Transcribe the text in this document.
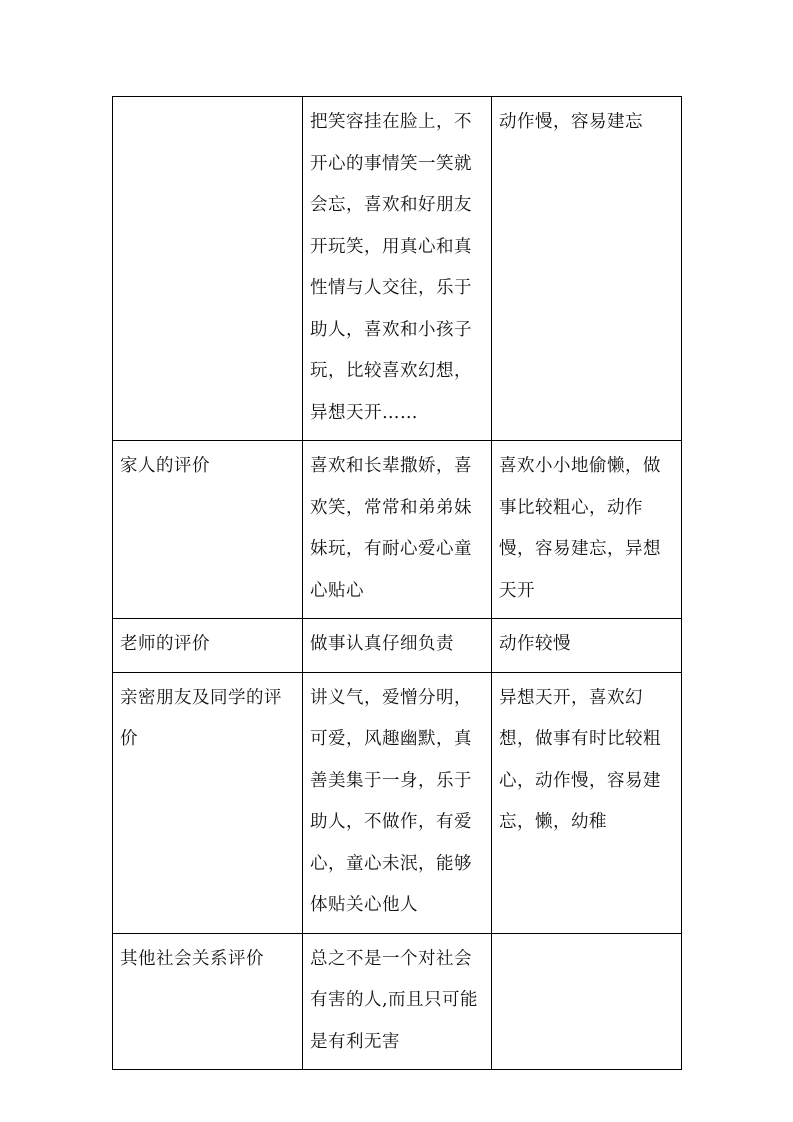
	把笑容挂在脸上，不开心的事情笑一笑就会忘，喜欢和好朋友开玩笑，用真心和真性情与人交往，乐于助人，喜欢和小孩子玩，比较喜欢幻想，异想天开……	动作慢，容易建忘
家人的评价	喜欢和长辈撒娇，喜欢笑，常常和弟弟妹妹玩，有耐心爱心童心贴心	喜欢小小地偷懒，做事比较粗心，动作慢，容易建忘，异想天开
老师的评价	做事认真仔细负责	动作较慢
亲密朋友及同学的评价	讲义气，爱憎分明，可爱，风趣幽默，真善美集于一身，乐于助人，不做作，有爱心，童心未泯，能够体贴关心他人	异想天开，喜欢幻想，做事有时比较粗心，动作慢，容易建忘，懒，幼稚
其他社会关系评价	总之不是一个对社会有害的人,而且只可能是有利无害	
